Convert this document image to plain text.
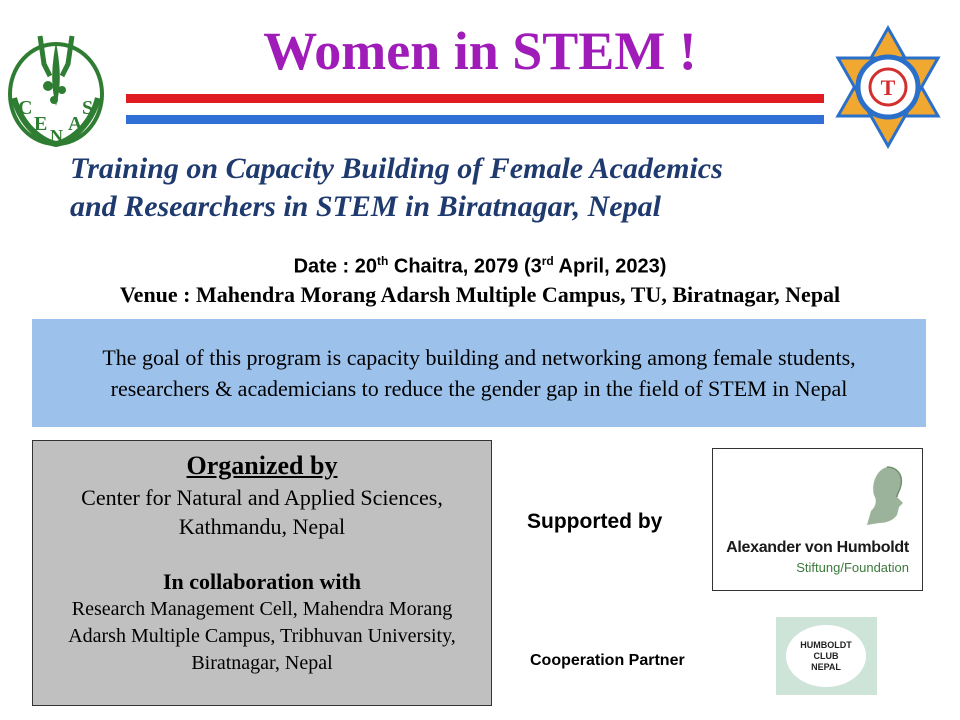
C
E
N
A
S
Women in STEM !
T
Training on Capacity Building of Female Academics
and Researchers in STEM in Biratnagar, Nepal
Date : 20th Chaitra, 2079 (3rd April, 2023)
Venue : Mahendra Morang Adarsh Multiple Campus, TU, Biratnagar, Nepal
The goal of this program is capacity building and networking among female students, researchers & academicians to reduce the gender gap in the field of STEM in Nepal
Organized by
Center for Natural and Applied Sciences, Kathmandu, Nepal
In collaboration with
Research Management Cell, Mahendra Morang Adarsh Multiple Campus, Tribhuvan University, Biratnagar, Nepal
Supported by
Alexander von Humboldt
Stiftung/Foundation
Cooperation Partner
HUMBOLDT
CLUB
NEPAL
